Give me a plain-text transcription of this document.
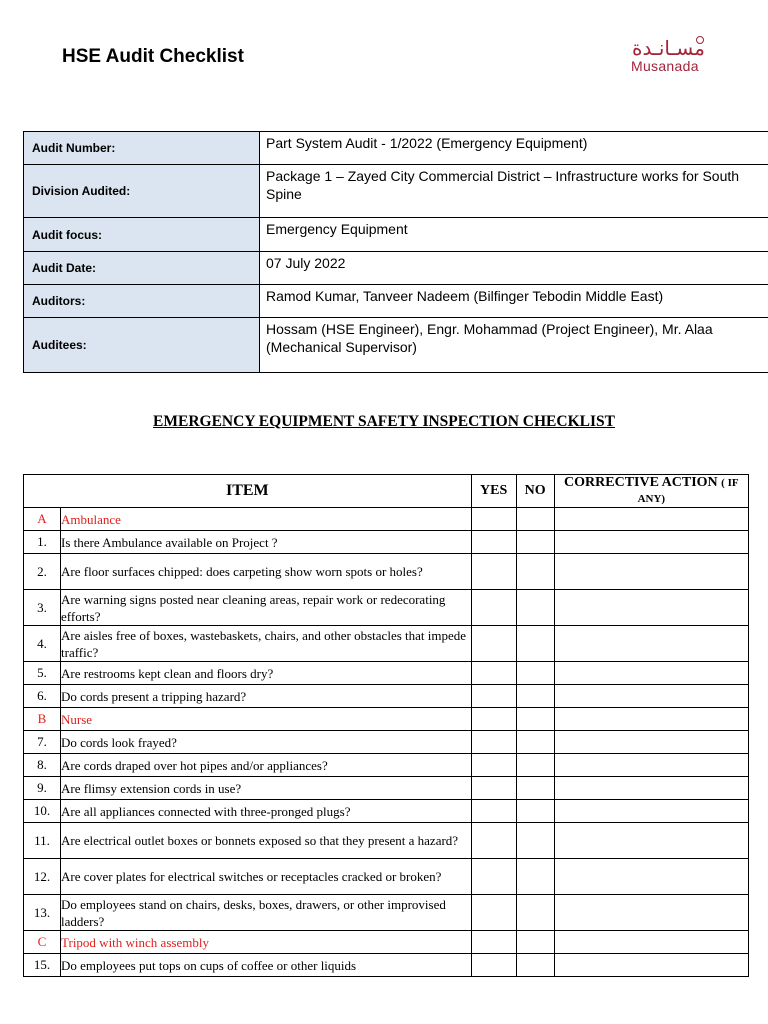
HSE Audit Checklist	مسـانـدة
Musanada
Audit Number:	Part System Audit - 1/2022 (Emergency Equipment)
Division Audited:	Package 1 – Zayed City Commercial District – Infrastructure works for South Spine
Audit focus:	Emergency Equipment
Audit Date:	07 July 2022
Auditors:	Ramod Kumar, Tanveer Nadeem (Bilfinger Tebodin Middle East)
Auditees:	Hossam (HSE Engineer), Engr. Mohammad (Project Engineer), Mr. Alaa (Mechanical Supervisor)
EMERGENCY EQUIPMENT SAFETY INSPECTION CHECKLIST
ITEM		YES	NO	CORRECTIVE ACTION ( IF ANY)
A	Ambulance			
1.	Is there Ambulance available on Project ?			
2.	Are floor surfaces chipped: does carpeting show worn spots or holes?			
3.	Are warning signs posted near cleaning areas, repair work or redecorating efforts?			
4.	Are aisles free of boxes, wastebaskets, chairs, and other obstacles that impede traffic?			
5.	Are restrooms kept clean and floors dry?			
6.	Do cords present a tripping hazard?			
B	Nurse			
7.	Do cords look frayed?			
8.	Are cords draped over hot pipes and/or appliances?			
9.	Are flimsy extension cords in use?			
10.	Are all appliances connected with three-pronged plugs?			
11.	Are electrical outlet boxes or bonnets exposed so that they present a hazard?			
12.	Are cover plates for electrical switches or receptacles cracked or broken?			
13.	Do employees stand on chairs, desks, boxes, drawers, or other improvised ladders?			
C	Tripod with winch assembly			
15.	Do employees put tops on cups of coffee or other liquids			
